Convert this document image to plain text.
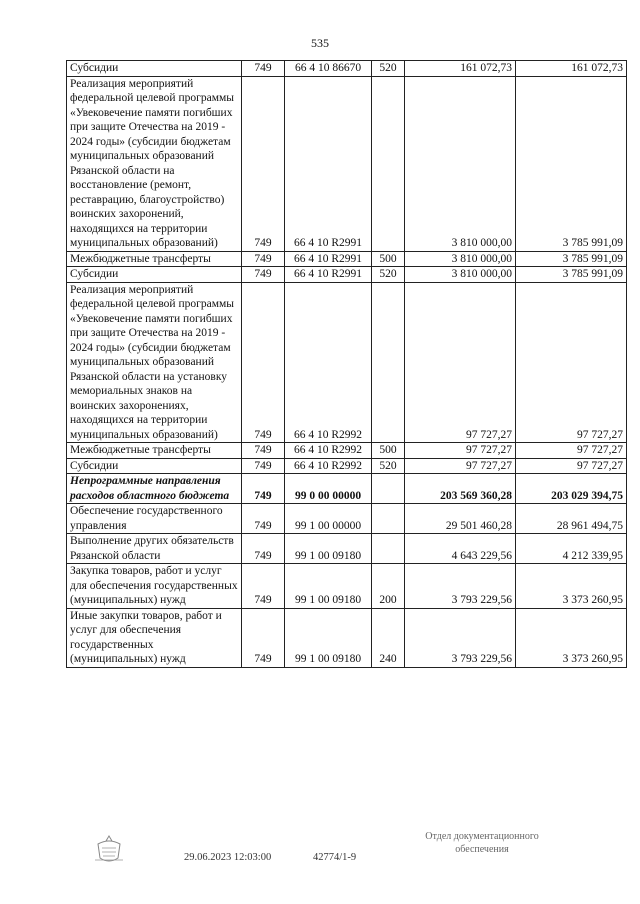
535
Субсидии	749	66 4 10 86670	520	161 072,73	161 072,73
Реализация мероприятий федеральной целевой программы «Увековечение памяти погибших при защите Отечества на 2019 - 2024 годы» (субсидии бюджетам муниципальных образований Рязанской области на восстановление (ремонт, реставрацию, благоустройство) воинских захоронений, находящихся на территории муниципальных образований)	749	66 4 10 R2991		3 810 000,00	3 785 991,09
Межбюджетные трансферты	749	66 4 10 R2991	500	3 810 000,00	3 785 991,09
Субсидии	749	66 4 10 R2991	520	3 810 000,00	3 785 991,09
Реализация мероприятий федеральной целевой программы «Увековечение памяти погибших при защите Отечества на 2019 - 2024 годы» (субсидии бюджетам муниципальных образований Рязанской области на установку мемориальных знаков на воинских захоронениях, находящихся на территории муниципальных образований)	749	66 4 10 R2992		97 727,27	97 727,27
Межбюджетные трансферты	749	66 4 10 R2992	500	97 727,27	97 727,27
Субсидии	749	66 4 10 R2992	520	97 727,27	97 727,27
Непрограммные направления расходов областного бюджета	749	99 0 00 00000		203 569 360,28	203 029 394,75
Обеспечение государственного управления	749	99 1 00 00000		29 501 460,28	28 961 494,75
Выполнение других обязательств Рязанской области	749	99 1 00 09180		4 643 229,56	4 212 339,95
Закупка товаров, работ и услуг для обеспечения государственных (муниципальных) нужд	749	99 1 00 09180	200	3 793 229,56	3 373 260,95
Иные закупки товаров, работ и услуг для обеспечения государственных (муниципальных) нужд	749	99 1 00 09180	240	3 793 229,56	3 373 260,95
29.06.2023 12:03:00	42774/1-9
Отдел документационного
обеспечения
